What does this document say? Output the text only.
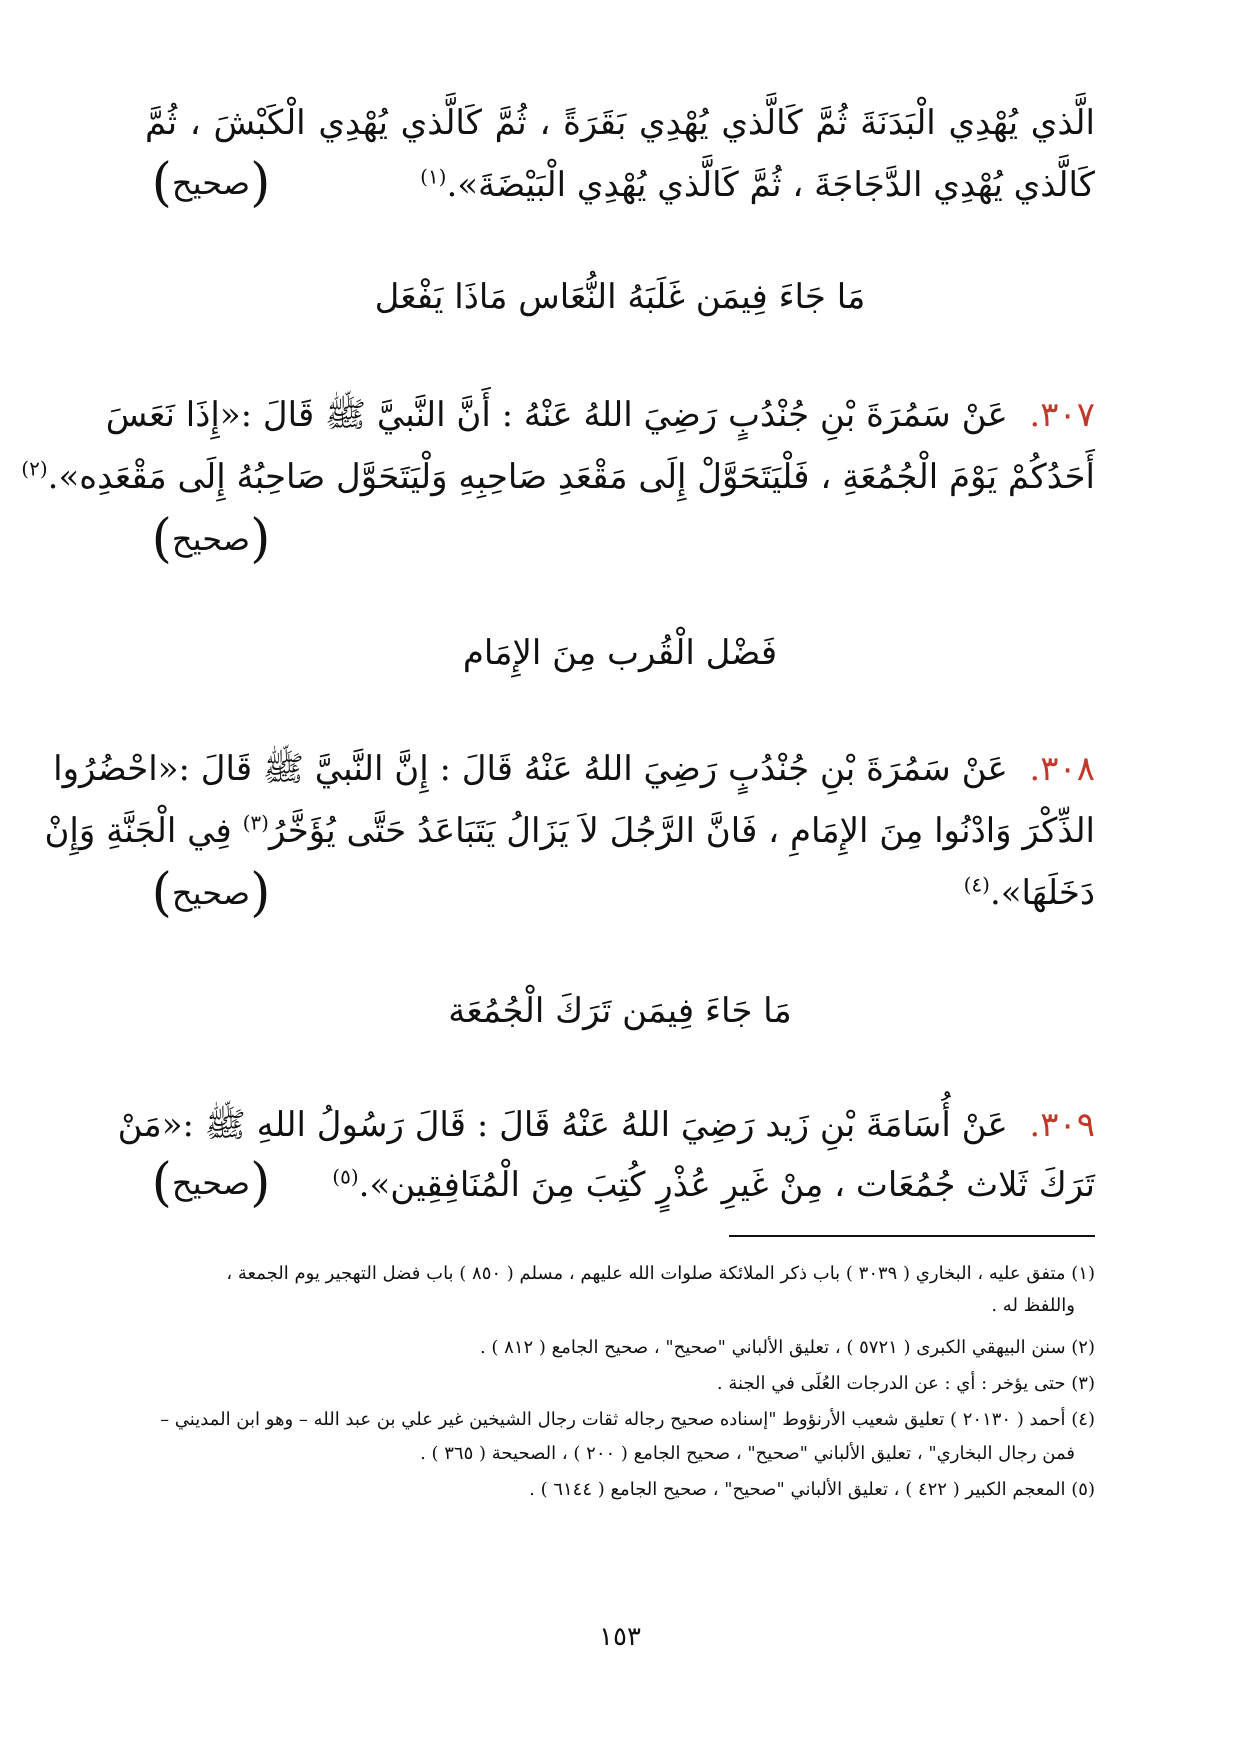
الَّذي يُهْدِي الْبَدَنَةَ ثُمَّ كَالَّذي يُهْدِي بَقَرَةً ، ثُمَّ كَالَّذي يُهْدِي الْكَبْشَ ، ثُمَّ
كَالَّذي يُهْدِي الدَّجَاجَةَ ، ثُمَّ كَالَّذي يُهْدِي الْبَيْضَةَ».$^{(١)}$
(صحيح)
مَا جَاءَ فِيمَن غَلَبَهُ النُّعَاس مَاذَا يَفْعَل
٣٠٧.  عَنْ سَمُرَةَ بْنِ جُنْدُبٍ رَضِيَ اللهُ عَنْهُ : أَنَّ النَّبيَّ ﷺ قَالَ :«إِذَا نَعَسَ
أَحَدُكُمْ يَوْمَ الْجُمُعَةِ ، فَلْيَتَحَوَّلْ إِلَى مَقْعَدِ صَاحِبِهِ وَلْيَتَحَوَّل صَاحِبُهُ إِلَى مَقْعَدِه».$^{(٢)}$
(صحيح)
فَضْل الْقُرب مِنَ الإِمَام
٣٠٨.  عَنْ سَمُرَةَ بْنِ جُنْدُبٍ رَضِيَ اللهُ عَنْهُ قَالَ : إِنَّ النَّبيَّ ﷺ قَالَ :«احْضُرُوا
الذِّكْرَ وَادْنُوا مِنَ الإِمَامِ ، فَانَّ الرَّجُلَ لاَ يَزَالُ يَتَبَاعَدُ حَتَّى يُؤَخَّرُ$^{(٣)}$ فِي الْجَنَّةِ وَإِنْ
دَخَلَهَا».$^{(٤)}$
(صحيح)
مَا جَاءَ فِيمَن تَرَكَ الْجُمُعَة
٣٠٩.  عَنْ أُسَامَةَ بْنِ زَيد رَضِيَ اللهُ عَنْهُ قَالَ : قَالَ رَسُولُ اللهِ ﷺ :«مَنْ
تَرَكَ ثَلاث جُمُعَات ، مِنْ غَيرِ عُذْرٍ كُتِبَ مِنَ الْمُنَافِقِين».$^{(٥)}$
(صحيح)
(١) متفق عليه ، البخاري ( ٣٠٣٩ ) باب ذكر الملائكة صلوات الله عليهم ، مسلم ( ٨٥٠ ) باب فضل التهجير يوم الجمعة ،
واللفظ له .
(٢) سنن البيهقي الكبرى ( ٥٧٢١ ) ، تعليق الألباني "صحيح" ، صحيح الجامع ( ٨١٢ ) .
(٣) حتى يؤخر : أي : عن الدرجات العُلَى في الجنة .
(٤) أحمد ( ٢٠١٣٠ ) تعليق شعيب الأرنؤوط "إسناده صحيح رجاله ثقات رجال الشيخين غير علي بن عبد الله – وهو ابن المديني –
فمن رجال البخاري" ، تعليق الألباني "صحيح" ، صحيح الجامع ( ٢٠٠ ) ، الصحيحة ( ٣٦٥ ) .
(٥) المعجم الكبير ( ٤٢٢ ) ، تعليق الألباني "صحيح" ، صحيح الجامع ( ٦١٤٤ ) .
١٥٣
